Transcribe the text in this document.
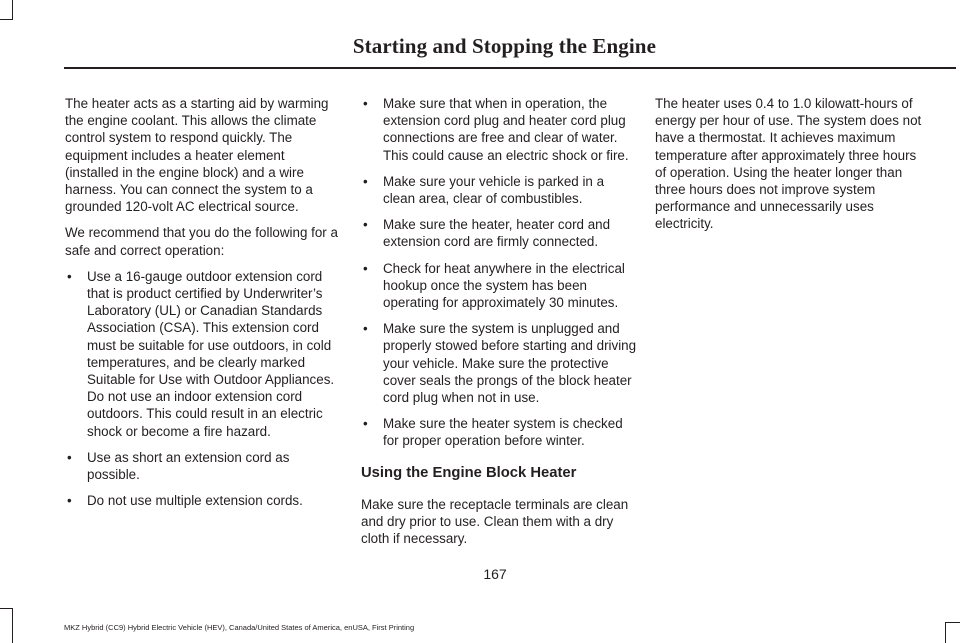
Starting and Stopping the Engine

The heater acts as a starting aid by warming the engine coolant. This allows the climate control system to respond quickly. The equipment includes a heater element (installed in the engine block) and a wire harness. You can connect the system to a grounded 120-volt AC electrical source.

We recommend that you do the following for a safe and correct operation:

• Use a 16-gauge outdoor extension cord that is product certified by Underwriter’s Laboratory (UL) or Canadian Standards Association (CSA). This extension cord must be suitable for use outdoors, in cold temperatures, and be clearly marked Suitable for Use with Outdoor Appliances. Do not use an indoor extension cord outdoors. This could result in an electric shock or become a fire hazard.
• Use as short an extension cord as possible.
• Do not use multiple extension cords.
• Make sure that when in operation, the extension cord plug and heater cord plug connections are free and clear of water. This could cause an electric shock or fire.
• Make sure your vehicle is parked in a clean area, clear of combustibles.
• Make sure the heater, heater cord and extension cord are firmly connected.
• Check for heat anywhere in the electrical hookup once the system has been operating for approximately 30 minutes.
• Make sure the system is unplugged and properly stowed before starting and driving your vehicle. Make sure the protective cover seals the prongs of the block heater cord plug when not in use.
• Make sure the heater system is checked for proper operation before winter.
Using the Engine Block Heater

Make sure the receptacle terminals are clean and dry prior to use. Clean them with a dry cloth if necessary.

The heater uses 0.4 to 1.0 kilowatt-hours of energy per hour of use. The system does not have a thermostat. It achieves maximum temperature after approximately three hours of operation. Using the heater longer than three hours does not improve system performance and unnecessarily uses electricity.

167
MKZ Hybrid (CC9) Hybrid Electric Vehicle (HEV), Canada/United States of America, enUSA, First Printing
